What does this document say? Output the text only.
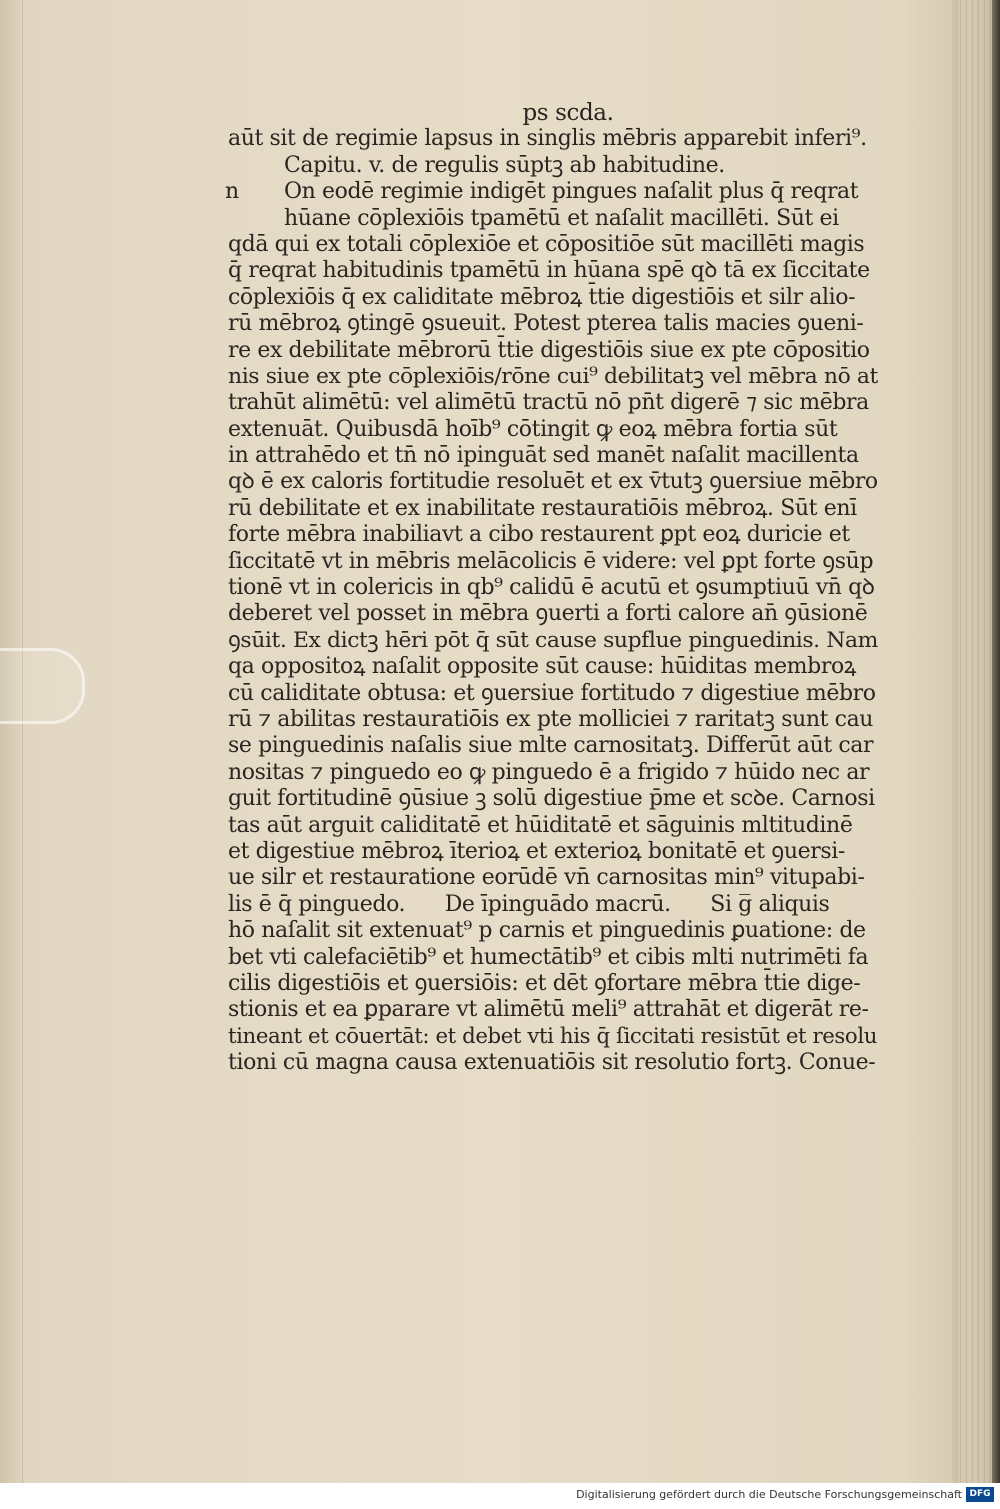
ps scda.
aūt sit de regimie lapsus in singlis mēbris apparebit inferi⁹.
Capitu. v. de regulis sūptꝫ ab habitudine.
n On eodē regimie indigēt pingues naſalit plus q̄ reqrat
hūane cōplexiōis tpamētū et naſalit macillēti. Sūt ei
qdā qui ex totali cōplexiōe et cōpositiōe sūt macillēti magis
q̄ reqrat habitudinis tpamētū in hūana spē qꝺ tā ex ſiccitate
cōplexiōis q̄ ex caliditate mēbroꝝ t̄tie digestiōis et silr alio-
rū mēbroꝝ ꝯtingē ꝯsueuit. Potest pterea talis macies ꝯueni-
re ex debilitate mēbrorū t̄tie digestiōis siue ex pte cōpositio
nis siue ex pte cōplexiōis/rōne cui⁹ debilitatꝫ vel mēbra nō at
trahūt alimētū: vel alimētū tractū nō pn̄t digerē ⁊ sic mēbra
extenuāt. Quibusdā hoīb⁹ cōtingit ꝙ eoꝝ mēbra fortia sūt
in attrahēdo et tn̄ nō ipinguāt sed manēt naſalit macillenta
qꝺ ē ex caloris fortitudie resoluēt et ex v̄tutꝫ ꝯuersiue mēbro
rū debilitate et ex inabilitate restauratiōis mēbroꝝ. Sūt enī
forte mēbra inabiliavt a cibo restaurent ꝑpt eoꝝ duricie et
ſiccitatē vt in mēbris melācolicis ē videre: vel ꝑpt forte ꝯsūp
tionē vt in colericis in qb⁹ calidū ē acutū et ꝯsumptiuū vn̄ qꝺ
deberet vel posset in mēbra ꝯuerti a forti calore an̄ ꝯūsionē
ꝯsūit. Ex dictꝫ hēri pōt q̄ sūt cause supflue pinguedinis. Nam
qa oppositoꝝ naſalit opposite sūt cause: hūiditas membroꝝ
cū caliditate obtusa: et ꝯuersiue fortitudo ⁊ digestiue mēbro
rū ⁊ abilitas restauratiōis ex pte molliciei ⁊ raritatꝫ sunt cau
se pinguedinis naſalis siue mlte carnositatꝫ. Differūt aūt car
nositas ⁊ pinguedo eo ꝙ pinguedo ē a frigido ⁊ hūido nec ar
guit fortitudinē ꝯūsiue ꝫ solū digestiue p̄me et scꝺe. Carnosi
tas aūt arguit caliditatē et hūiditatē et sāguinis mltitudinē
et digestiue mēbroꝝ īterioꝝ et exterioꝝ bonitatē et ꝯuersi-
ue silr et restauratione eorūdē vn̄ carnositas min⁹ vitupabi-
lis ē q̄ pinguedo.      De īpinguādo macrū.      Si g̅ aliquis
hō naſalit sit extenuat⁹ p carnis et pinguedinis ꝑuatione: de
bet vti calefaciētib⁹ et humectātib⁹ et cibis mlti nutrimēti fa
cilis digestiōis et ꝯuersiōis: et dēt ꝯfortare mēbra t̄tie dige-
stionis et ea ꝑparare vt alimētū meli⁹ attrahāt et digerāt re-
tineant et cōuertāt: et debet vti his q̄ ſiccitati resistūt et resolu
tioni cū magna causa extenuatiōis sit resolutio fortꝫ. Conue-
Digitalisierung gefördert durch die Deutsche Forschungsgemeinschaft DFG
